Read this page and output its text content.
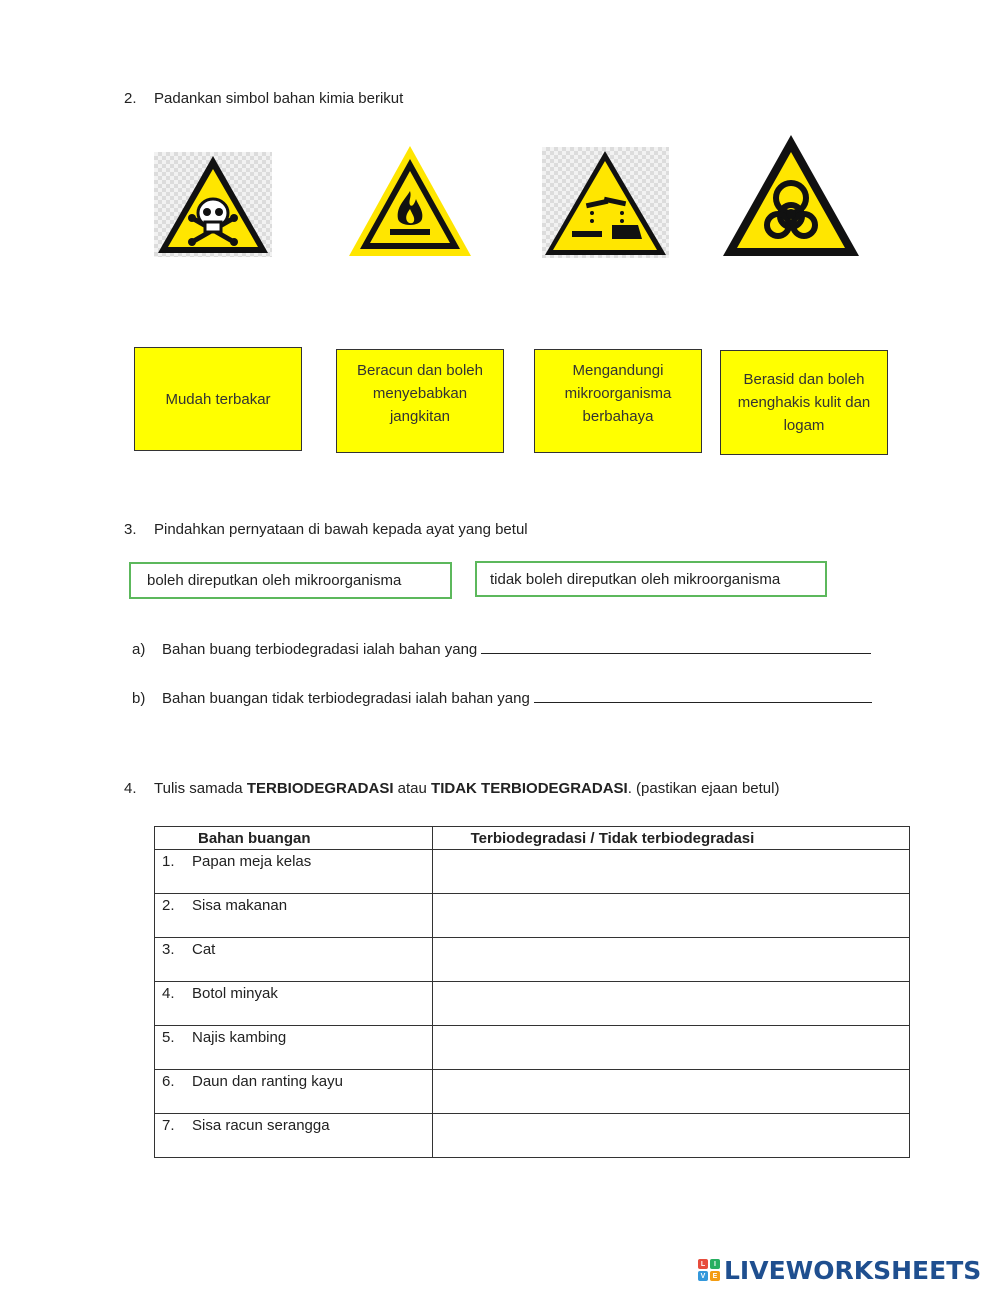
2. Padankan simbol bahan kimia berikut
Mudah terbakar
Beracun dan boleh menyebabkan jangkitan
Mengandungi mikroorganisma berbahaya
Berasid dan boleh menghakis kulit dan logam
3. Pindahkan pernyataan di bawah kepada ayat yang betul
boleh direputkan oleh mikroorganisma	tidak boleh direputkan oleh mikroorganisma
a) Bahan buang terbiodegradasi ialah bahan yang
b) Bahan buangan tidak terbiodegradasi ialah bahan yang
4. Tulis samada TERBIODEGRADASI atau TIDAK TERBIODEGRADASI. (pastikan ejaan betul)
Bahan buangan	Terbiodegradasi / Tidak terbiodegradasi

1. Papan meja kelas	

2. Sisa makanan	

3. Cat	

4. Botol minyak	

5. Najis kambing	

6. Daun dan ranting kayu	

7. Sisa racun serangga	

L	I
V	E LIVEWORKSHEETS
